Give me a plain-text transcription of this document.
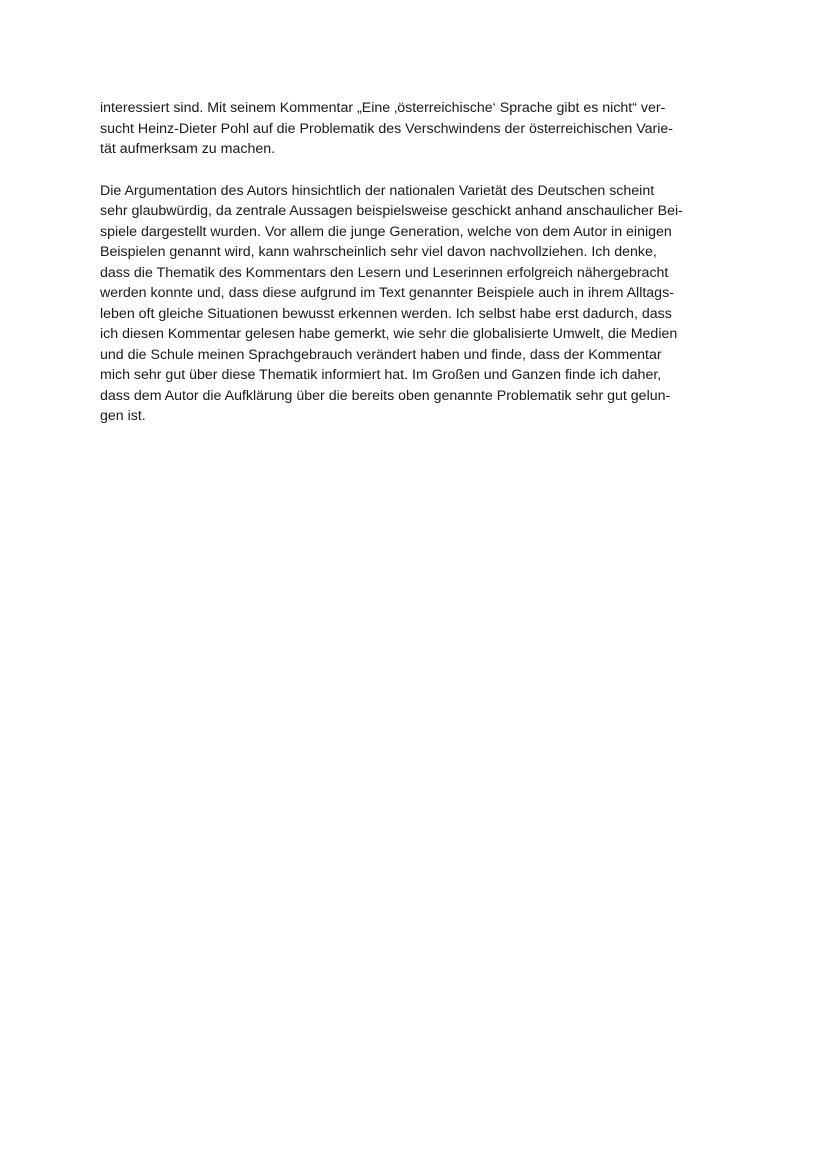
interessiert sind. Mit seinem Kommentar „Eine ‚österreichische‘ Sprache gibt es nicht“ ver-
sucht Heinz-Dieter Pohl auf die Problematik des Verschwindens der österreichischen Varie-
tät aufmerksam zu machen.

Die Argumentation des Autors hinsichtlich der nationalen Varietät des Deutschen scheint
sehr glaubwürdig, da zentrale Aussagen beispielsweise geschickt anhand anschaulicher Bei-
spiele dargestellt wurden. Vor allem die junge Generation, welche von dem Autor in einigen
Beispielen genannt wird, kann wahrscheinlich sehr viel davon nachvollziehen. Ich denke,
dass die Thematik des Kommentars den Lesern und Leserinnen erfolgreich nähergebracht
werden konnte und, dass diese aufgrund im Text genannter Beispiele auch in ihrem Alltags-
leben oft gleiche Situationen bewusst erkennen werden. Ich selbst habe erst dadurch, dass
ich diesen Kommentar gelesen habe gemerkt, wie sehr die globalisierte Umwelt, die Medien
und die Schule meinen Sprachgebrauch verändert haben und finde, dass der Kommentar
mich sehr gut über diese Thematik informiert hat. Im Großen und Ganzen finde ich daher,
dass dem Autor die Aufklärung über die bereits oben genannte Problematik sehr gut gelun-
gen ist.
